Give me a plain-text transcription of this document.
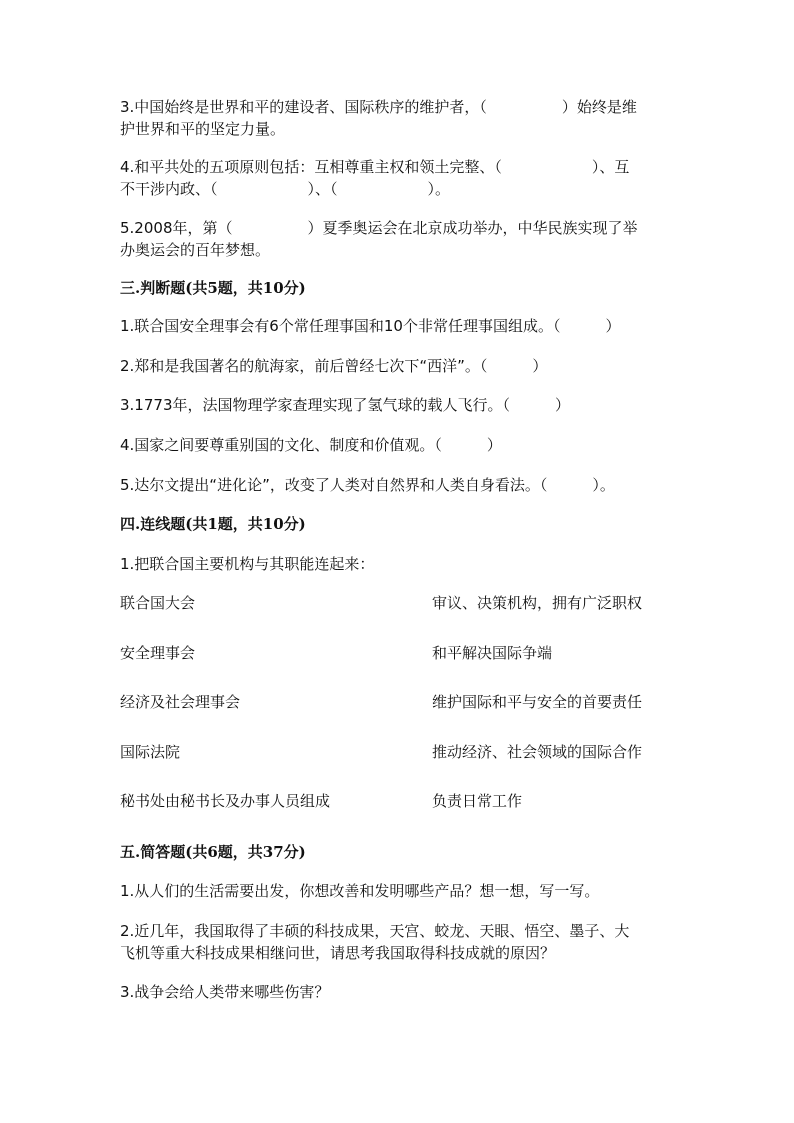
3.中国始终是世界和平的建设者、国际秩序的维护者，（　　　　　）始终是维
护世界和平的坚定力量。
4.和平共处的五项原则包括：互相尊重主权和领土完整、（　　　　　　）、互
不干涉内政、（　　　　　　）、（　　　　　　）。
5.2008年，第（　　　　　）夏季奥运会在北京成功举办，中华民族实现了举
办奥运会的百年梦想。
三.判断题(共5题，共10分)
1.联合国安全理事会有6个常任理事国和10个非常任理事国组成。（　　　）
2.郑和是我国著名的航海家，前后曾经七次下“西洋”。（　　　）
3.1773年，法国物理学家查理实现了氢气球的载人飞行。（　　　）
4.国家之间要尊重别国的文化、制度和价值观。（　　　）
5.达尔文提出“进化论”，改变了人类对自然界和人类自身看法。（　　　）。
四.连线题(共1题，共10分)
1.把联合国主要机构与其职能连起来：
联合国大会	审议、决策机构，拥有广泛职权
安全理事会	和平解决国际争端
经济及社会理事会	维护国际和平与安全的首要责任
国际法院	推动经济、社会领域的国际合作
秘书处由秘书长及办事人员组成	负责日常工作
五.简答题(共6题，共37分)
1.从人们的生活需要出发，你想改善和发明哪些产品？想一想，写一写。
2.近几年，我国取得了丰硕的科技成果，天宫、蛟龙、天眼、悟空、墨子、大
飞机等重大科技成果相继问世，请思考我国取得科技成就的原因？
3.战争会给人类带来哪些伤害？
